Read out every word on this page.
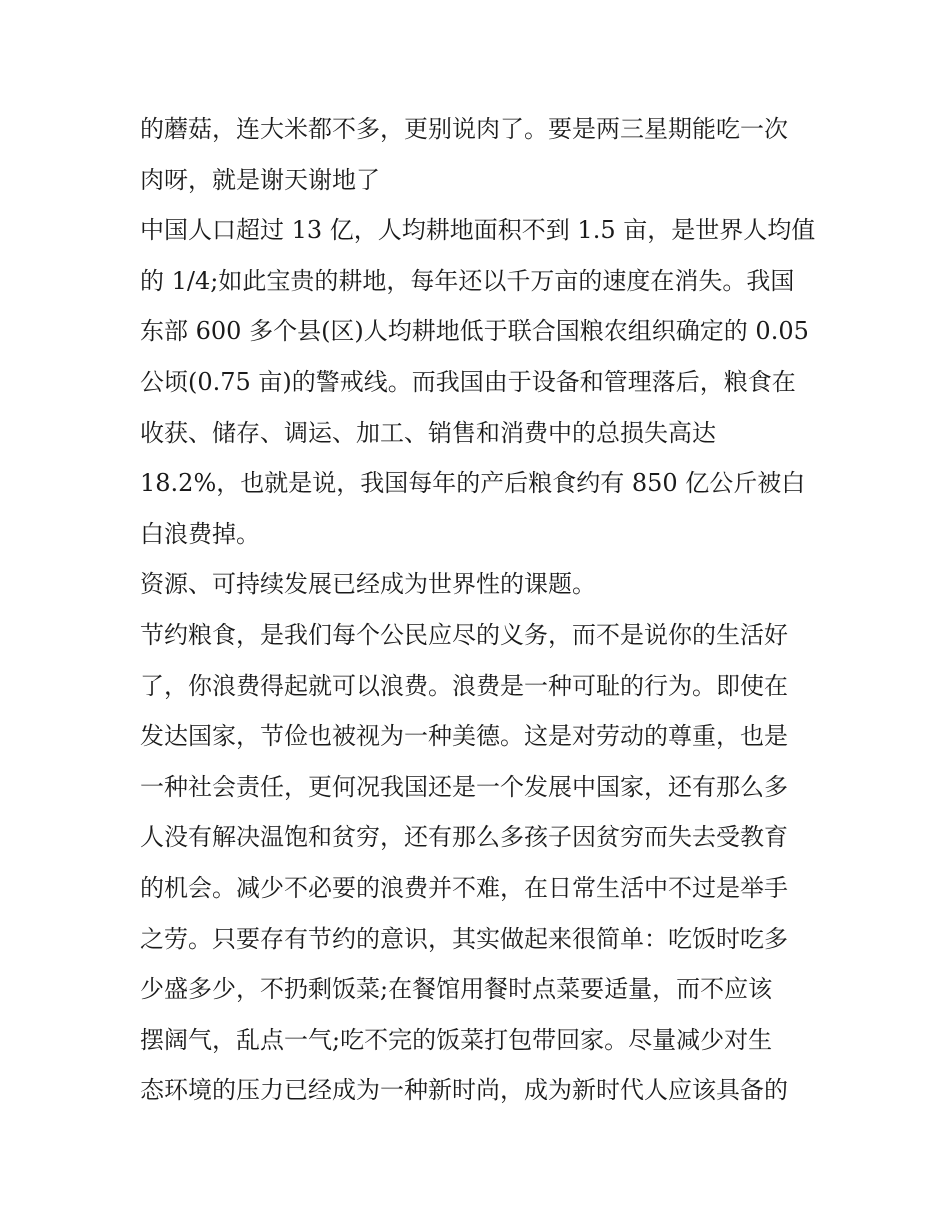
的蘑菇，连大米都不多，更别说肉了。要是两三星期能吃一次
肉呀，就是谢天谢地了
中国人口超过 13 亿，人均耕地面积不到 1.5 亩，是世界人均值
的 1/4;如此宝贵的耕地，每年还以千万亩的速度在消失。我国
东部 600 多个县(区)人均耕地低于联合国粮农组织确定的 0.05
公顷(0.75 亩)的警戒线。而我国由于设备和管理落后，粮食在
收获、储存、调运、加工、销售和消费中的总损失高达
18.2%，也就是说，我国每年的产后粮食约有 850 亿公斤被白
白浪费掉。
资源、可持续发展已经成为世界性的课题。
节约粮食，是我们每个公民应尽的义务，而不是说你的生活好
了，你浪费得起就可以浪费。浪费是一种可耻的行为。即使在
发达国家，节俭也被视为一种美德。这是对劳动的尊重，也是
一种社会责任，更何况我国还是一个发展中国家，还有那么多
人没有解决温饱和贫穷，还有那么多孩子因贫穷而失去受教育
的机会。减少不必要的浪费并不难，在日常生活中不过是举手
之劳。只要存有节约的意识，其实做起来很简单：吃饭时吃多
少盛多少，不扔剩饭菜;在餐馆用餐时点菜要适量，而不应该
摆阔气，乱点一气;吃不完的饭菜打包带回家。尽量减少对生
态环境的压力已经成为一种新时尚，成为新时代人应该具备的
